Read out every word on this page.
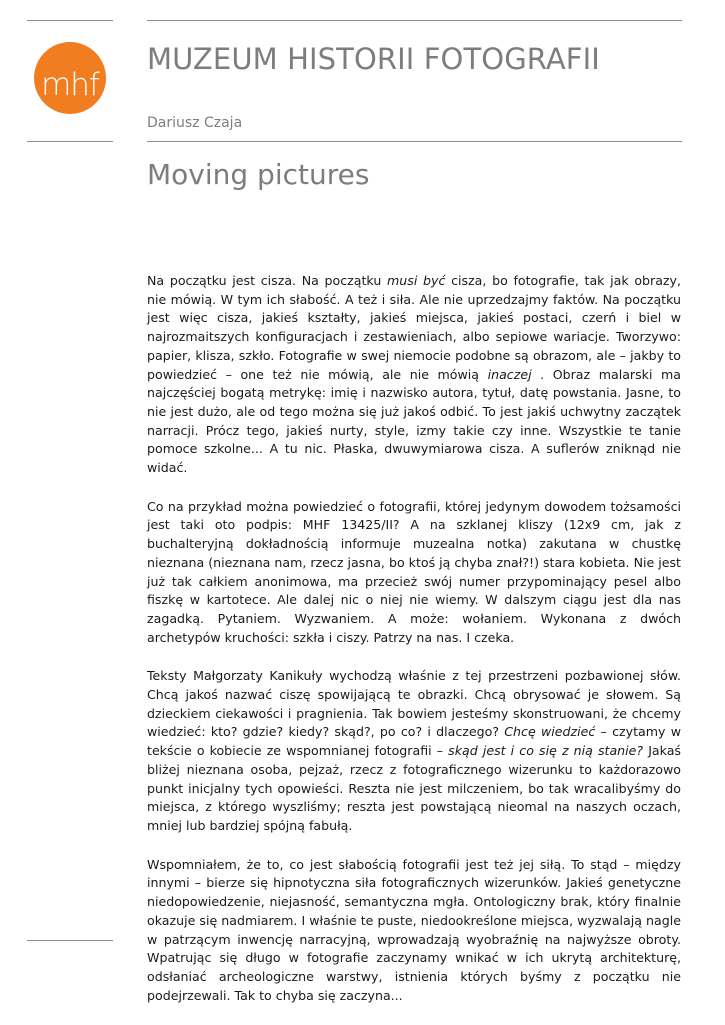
mhf
MUZEUM HISTORII FOTOGRAFII
Dariusz Czaja
Moving pictures

Na początku jest cisza. Na początku musi być cisza, bo fotografie, tak jak obrazy, nie mówią. W tym ich słabość. A też i siła. Ale nie uprzedzajmy faktów. Na początku jest więc cisza, jakieś kształty, jakieś miejsca, jakieś postaci, czerń i biel w najrozmaitszych konfiguracjach i zestawieniach, albo sepiowe wariacje. Tworzywo: papier, klisza, szkło. Fotografie w swej niemocie podobne są obrazom, ale – jakby to powiedzieć – one też nie mówią, ale nie mówią inaczej . Obraz malarski ma najczęściej bogatą metrykę: imię i nazwisko autora, tytuł, datę powstania. Jasne, to nie jest dużo, ale od tego można się już jakoś odbić. To jest jakiś uchwytny zaczątek narracji. Prócz tego, jakieś nurty, style, izmy takie czy inne. Wszystkie te tanie pomoce szkolne... A tu nic. Płaska, dwuwymiarowa cisza. A suflerów zniknąd nie widać.

Co na przykład można powiedzieć o fotografii, której jedynym dowodem tożsamości jest taki oto podpis: MHF 13425/II? A na szklanej kliszy (12x9 cm, jak z buchalteryjną dokładnością informuje muzealna notka) zakutana w chustkę nieznana (nieznana nam, rzecz jasna, bo ktoś ją chyba znał?!) stara kobieta. Nie jest już tak całkiem anonimowa, ma przecież swój numer przypominający pesel albo fiszkę w kartotece. Ale dalej nic o niej nie wiemy. W dalszym ciągu jest dla nas zagadką. Pytaniem. Wyzwaniem. A może: wołaniem. Wykonana z dwóch archetypów kruchości: szkła i ciszy. Patrzy na nas. I czeka.

Teksty Małgorzaty Kanikuły wychodzą właśnie z tej przestrzeni pozbawionej słów. Chcą jakoś nazwać ciszę spowijającą te obrazki. Chcą obrysować je słowem. Są dzieckiem ciekawości i pragnienia. Tak bowiem jesteśmy skonstruowani, że chcemy wiedzieć: kto? gdzie? kiedy? skąd?, po co? i dlaczego? Chcę wiedzieć – czytamy w tekście o kobiecie ze wspomnianej fotografii – skąd jest i co się z nią stanie? Jakaś bliżej nieznana osoba, pejzaż, rzecz z fotograficznego wizerunku to każdorazowo punkt inicjalny tych opowieści. Reszta nie jest milczeniem, bo tak wracalibyśmy do miejsca, z którego wyszliśmy; reszta jest powstającą nieomal na naszych oczach, mniej lub bardziej spójną fabułą.

Wspomniałem, że to, co jest słabością fotografii jest też jej siłą. To stąd – między innymi – bierze się hipnotyczna siła fotograficznych wizerunków. Jakieś genetyczne niedopowiedzenie, niejasność, semantyczna mgła. Ontologiczny brak, który finalnie okazuje się nadmiarem. I właśnie te puste, niedookreślone miejsca, wyzwalają nagle w patrzącym inwencję narracyjną, wprowadzają wyobraźnię na najwyższe obroty. Wpatrując się długo w fotografie zaczynamy wnikać w ich ukrytą architekturę, odsłaniać archeologiczne warstwy, istnienia których byśmy z początku nie podejrzewali. Tak to chyba się zaczyna...
